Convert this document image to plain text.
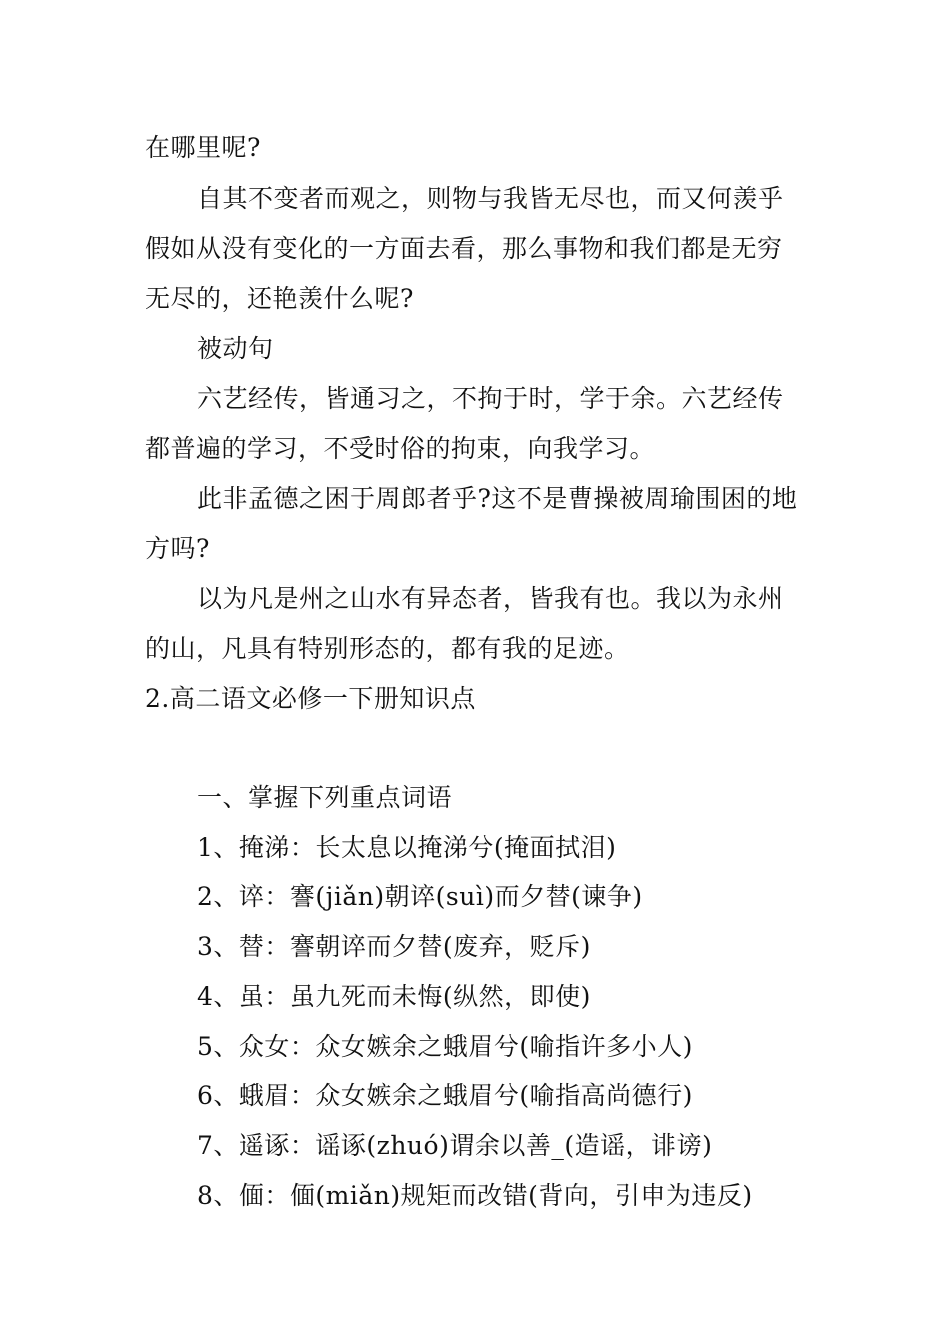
在哪里呢?
自其不变者而观之，则物与我皆无尽也，而又何羡乎
假如从没有变化的一方面去看，那么事物和我们都是无穷
无尽的，还艳羡什么呢?
被动句
六艺经传，皆通习之，不拘于时，学于余。六艺经传
都普遍的学习，不受时俗的拘束，向我学习。
此非孟德之困于周郎者乎?这不是曹操被周瑜围困的地
方吗?
以为凡是州之山水有异态者，皆我有也。我以为永州
的山，凡具有特别形态的，都有我的足迹。
2.高二语文必修一下册知识点
一、掌握下列重点词语
1、掩涕：长太息以掩涕兮(掩面拭泪)
2、谇：謇(jiǎn)朝谇(suì)而夕替(谏争)
3、替：謇朝谇而夕替(废弃，贬斥)
4、虽：虽九死而未悔(纵然，即使)
5、众女：众女嫉余之蛾眉兮(喻指许多小人)
6、蛾眉：众女嫉余之蛾眉兮(喻指高尚德行)
7、遥诼：谣诼(zhuó)谓余以善_(造谣，诽谤)
8、偭：偭(miǎn)规矩而改错(背向，引申为违反)
